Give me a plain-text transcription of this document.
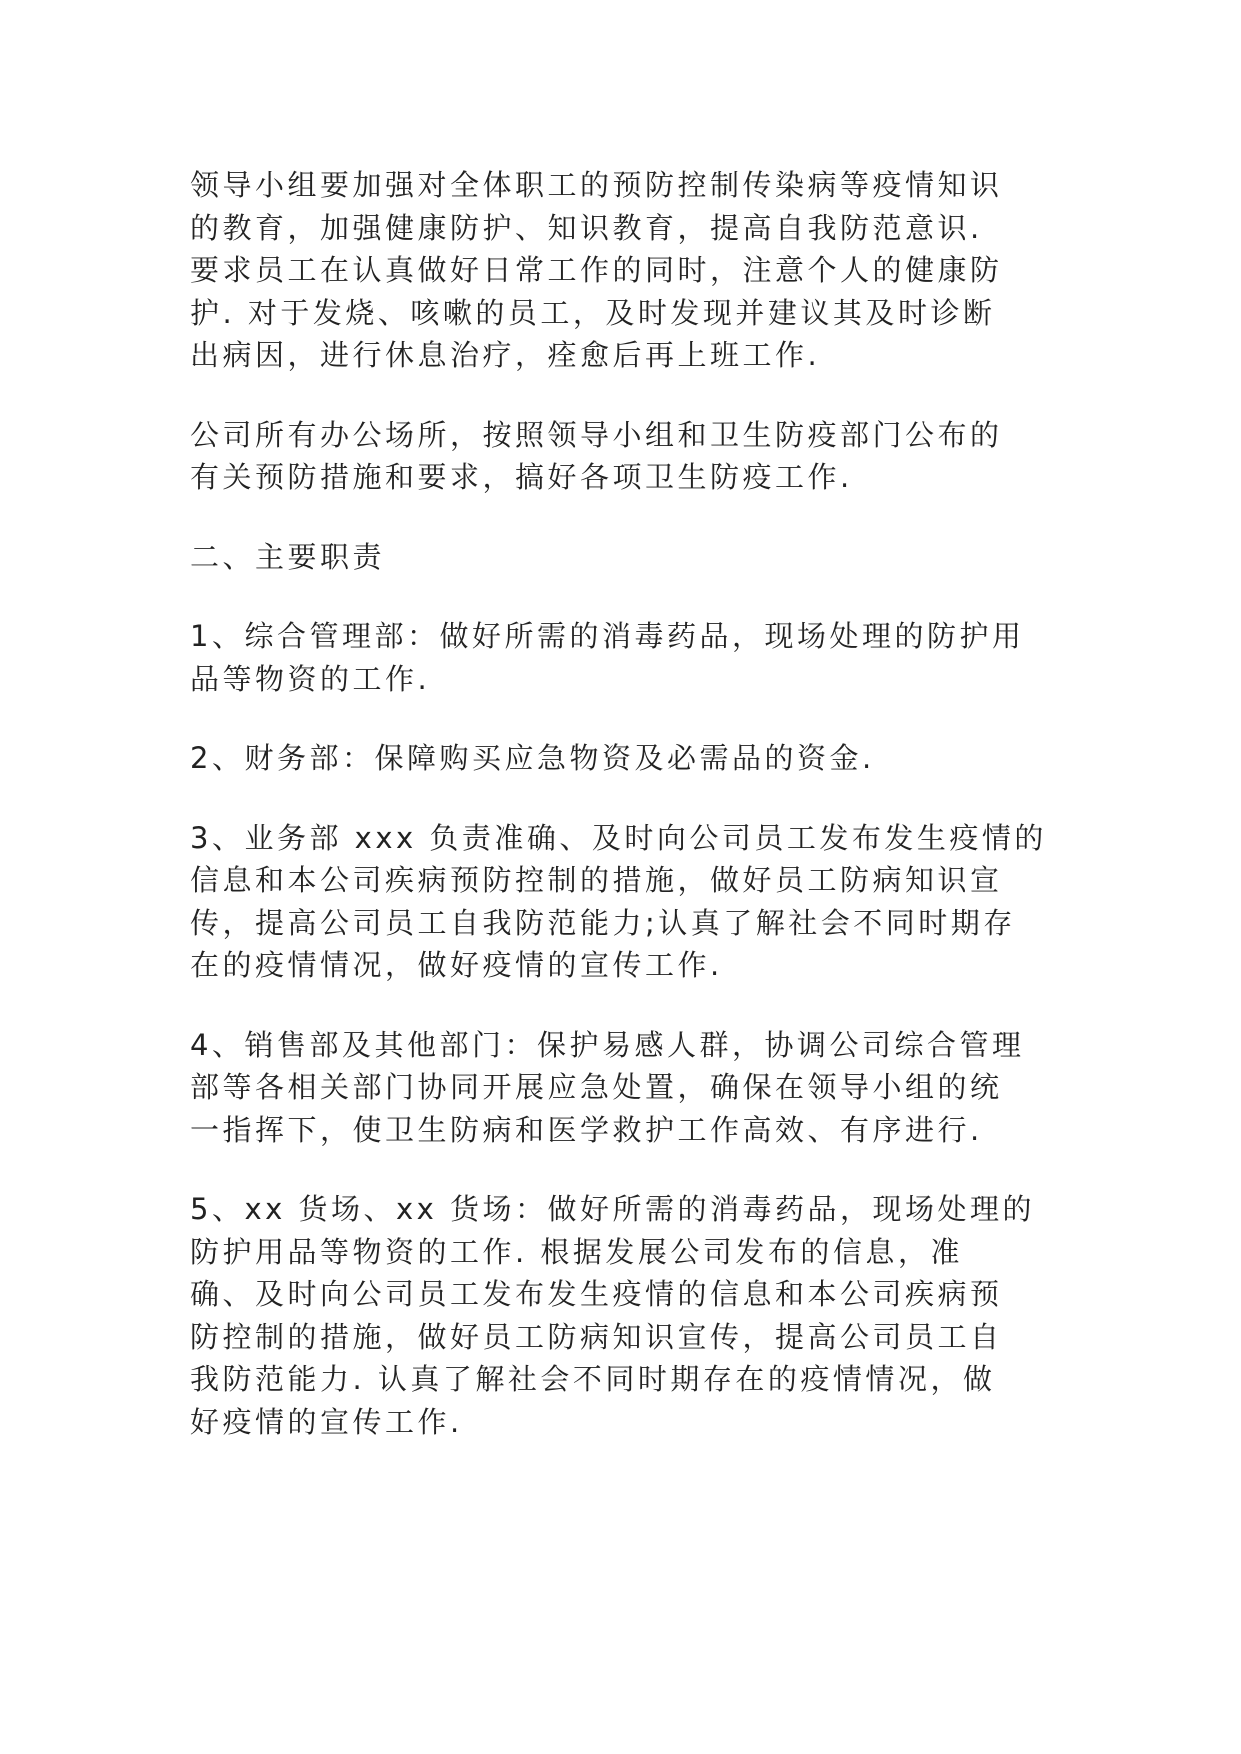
领导小组要加强对全体职工的预防控制传染病等疫情知识
的教育，加强健康防护、知识教育，提高自我防范意识.
要求员工在认真做好日常工作的同时，注意个人的健康防
护. 对于发烧、咳嗽的员工，及时发现并建议其及时诊断
出病因，进行休息治疗，痊愈后再上班工作.

公司所有办公场所，按照领导小组和卫生防疫部门公布的
有关预防措施和要求，搞好各项卫生防疫工作.

二、主要职责

1、综合管理部：做好所需的消毒药品，现场处理的防护用
品等物资的工作.

2、财务部：保障购买应急物资及必需品的资金.

3、业务部 xxx 负责准确、及时向公司员工发布发生疫情的
信息和本公司疾病预防控制的措施，做好员工防病知识宣
传，提高公司员工自我防范能力;认真了解社会不同时期存
在的疫情情况，做好疫情的宣传工作.

4、销售部及其他部门：保护易感人群，协调公司综合管理
部等各相关部门协同开展应急处置，确保在领导小组的统
一指挥下，使卫生防病和医学救护工作高效、有序进行.

5、xx 货场、xx 货场：做好所需的消毒药品，现场处理的
防护用品等物资的工作. 根据发展公司发布的信息，准
确、及时向公司员工发布发生疫情的信息和本公司疾病预
防控制的措施，做好员工防病知识宣传，提高公司员工自
我防范能力. 认真了解社会不同时期存在的疫情情况，做
好疫情的宣传工作.
